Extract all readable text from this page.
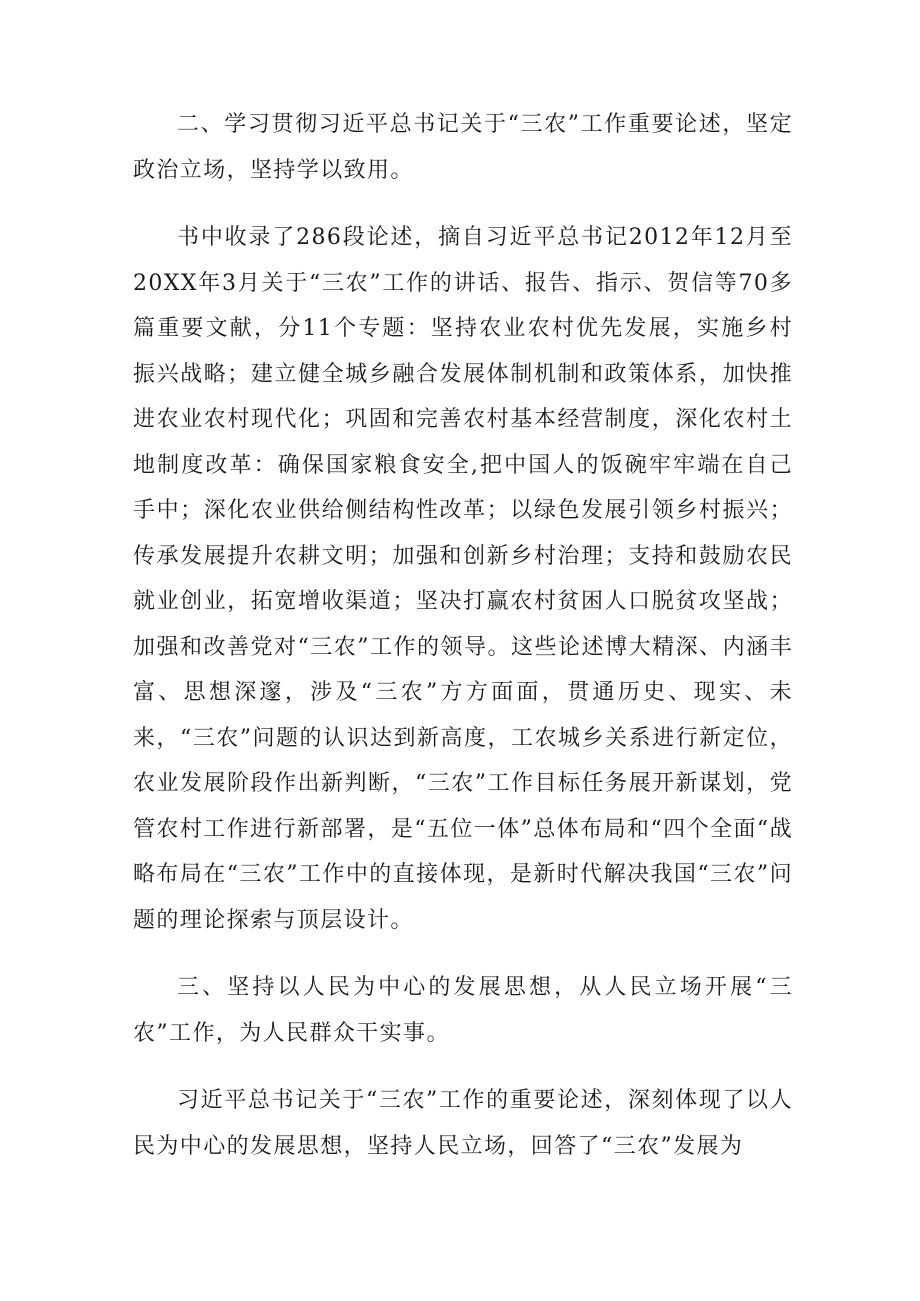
二、学习贯彻习近平总书记关于“三农”工作重要论述，坚定政治立场，坚持学以致用。

书中收录了286段论述，摘自习近平总书记2012年12月至20XX年3月关于“三农”工作的讲话、报告、指示、贺信等70多篇重要文献，分11个专题：坚持农业农村优先发展，实施乡村振兴战略；建立健全城乡融合发展体制机制和政策体系，加快推进农业农村现代化；巩固和完善农村基本经营制度，深化农村土地制度改革：确保国家粮食安全,把中国人的饭碗牢牢端在自己手中；深化农业供给侧结构性改革；以绿色发展引领乡村振兴；传承发展提升农耕文明；加强和创新乡村治理；支持和鼓励农民就业创业，拓宽增收渠道；坚决打赢农村贫困人口脱贫攻坚战；加强和改善党对“三农”工作的领导。这些论述博大精深、内涵丰富、思想深邃，涉及“三农”方方面面，贯通历史、现实、未来，“三农”问题的认识达到新高度，工农城乡关系进行新定位，农业发展阶段作出新判断，“三农”工作目标任务展开新谋划，党管农村工作进行新部署，是“五位一体”总体布局和“四个全面“战略布局在“三农”工作中的直接体现，是新时代解决我国“三农”问题的理论探索与顶层设计。

三、坚持以人民为中心的发展思想，从人民立场开展“三农”工作，为人民群众干实事。

习近平总书记关于“三农”工作的重要论述，深刻体现了以人民为中心的发展思想，坚持人民立场，回答了“三农”发展为
